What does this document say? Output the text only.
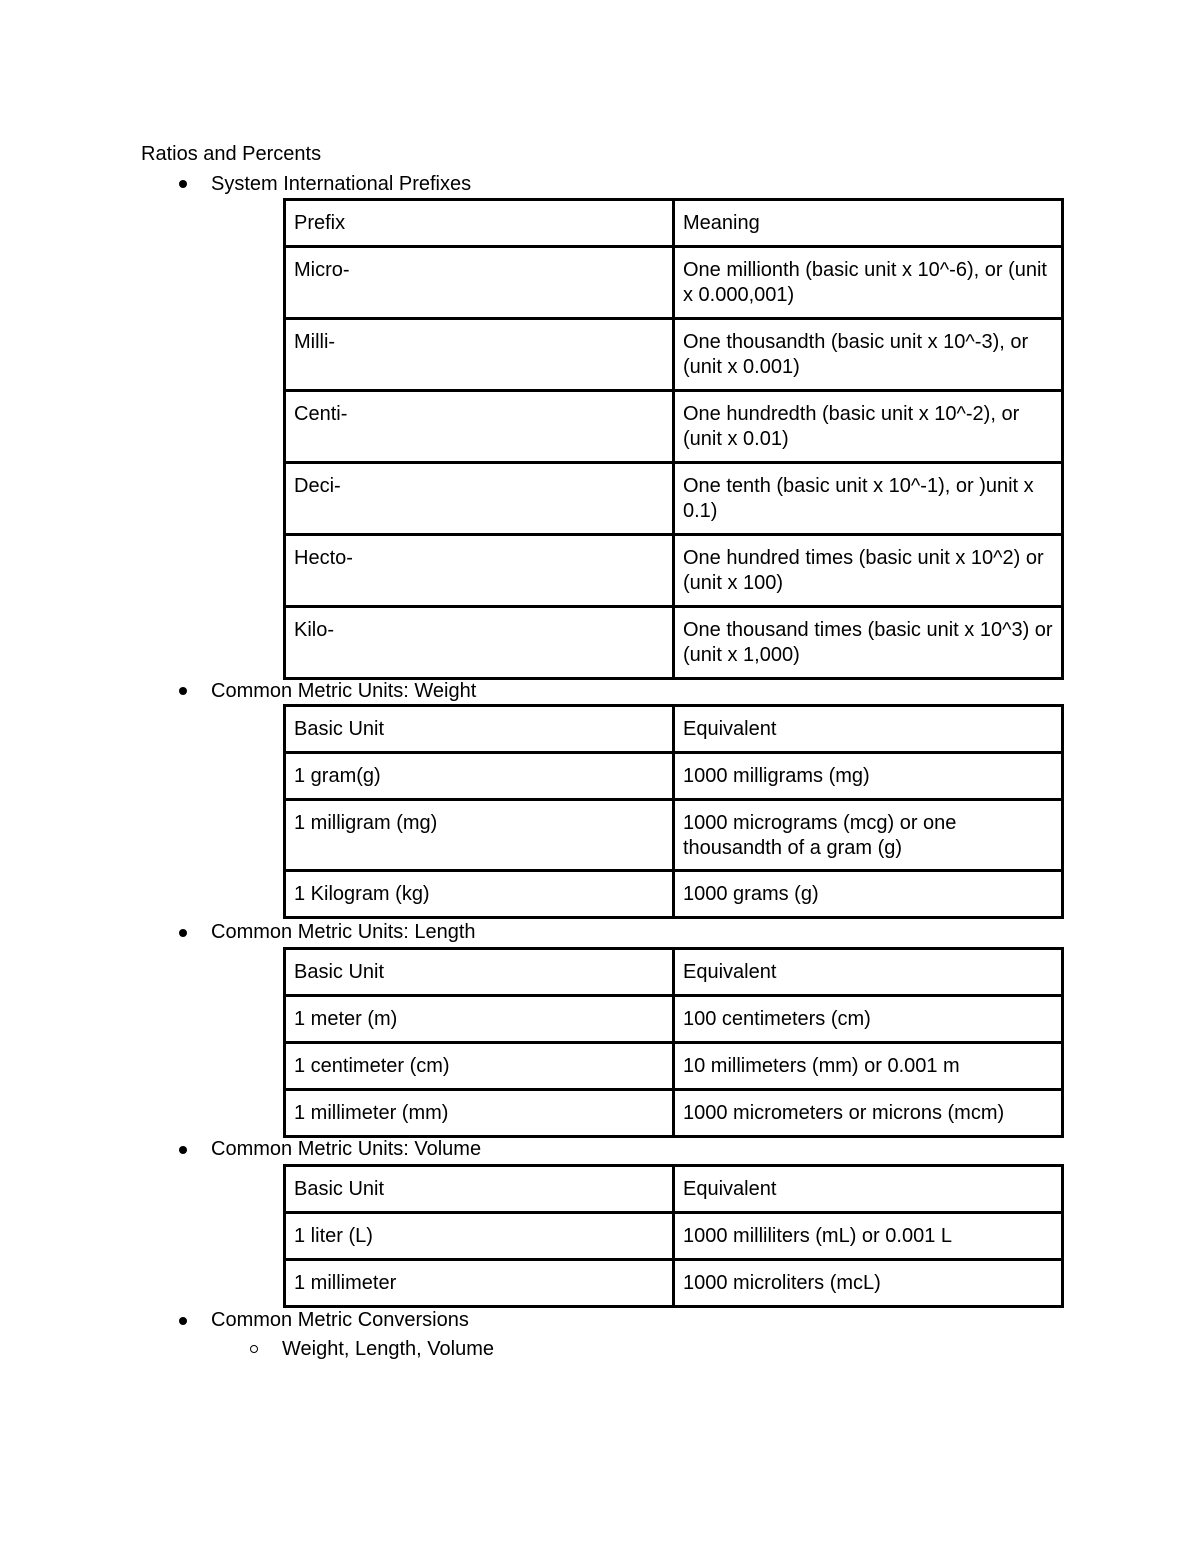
Ratios and Percents
System International Prefixes
Prefix	Meaning
Micro-	One millionth (basic unit x 10^-6), or (unit x 0.000,001)
Milli-	One thousandth (basic unit x 10^-3), or (unit x 0.001)
Centi-	One hundredth (basic unit x 10^-2), or (unit x 0.01)
Deci-	One tenth (basic unit x 10^-1), or )unit x 0.1)
Hecto-	One hundred times (basic unit x 10^2) or (unit x 100)
Kilo-	One thousand times (basic unit x 10^3) or (unit x 1,000)
Common Metric Units: Weight
Basic Unit	Equivalent
1 gram(g)	1000 milligrams (mg)
1 milligram (mg)	1000 micrograms (mcg) or one thousandth of a gram (g)
1 Kilogram (kg)	1000 grams (g)
Common Metric Units: Length
Basic Unit	Equivalent
1 meter (m)	100 centimeters (cm)
1 centimeter (cm)	10 millimeters (mm) or 0.001 m
1 millimeter (mm)	1000 micrometers or microns (mcm)
Common Metric Units: Volume
Basic Unit	Equivalent
1 liter (L)	1000 milliliters (mL) or 0.001 L
1 millimeter	1000 microliters (mcL)
Common Metric Conversions
Weight, Length, Volume
